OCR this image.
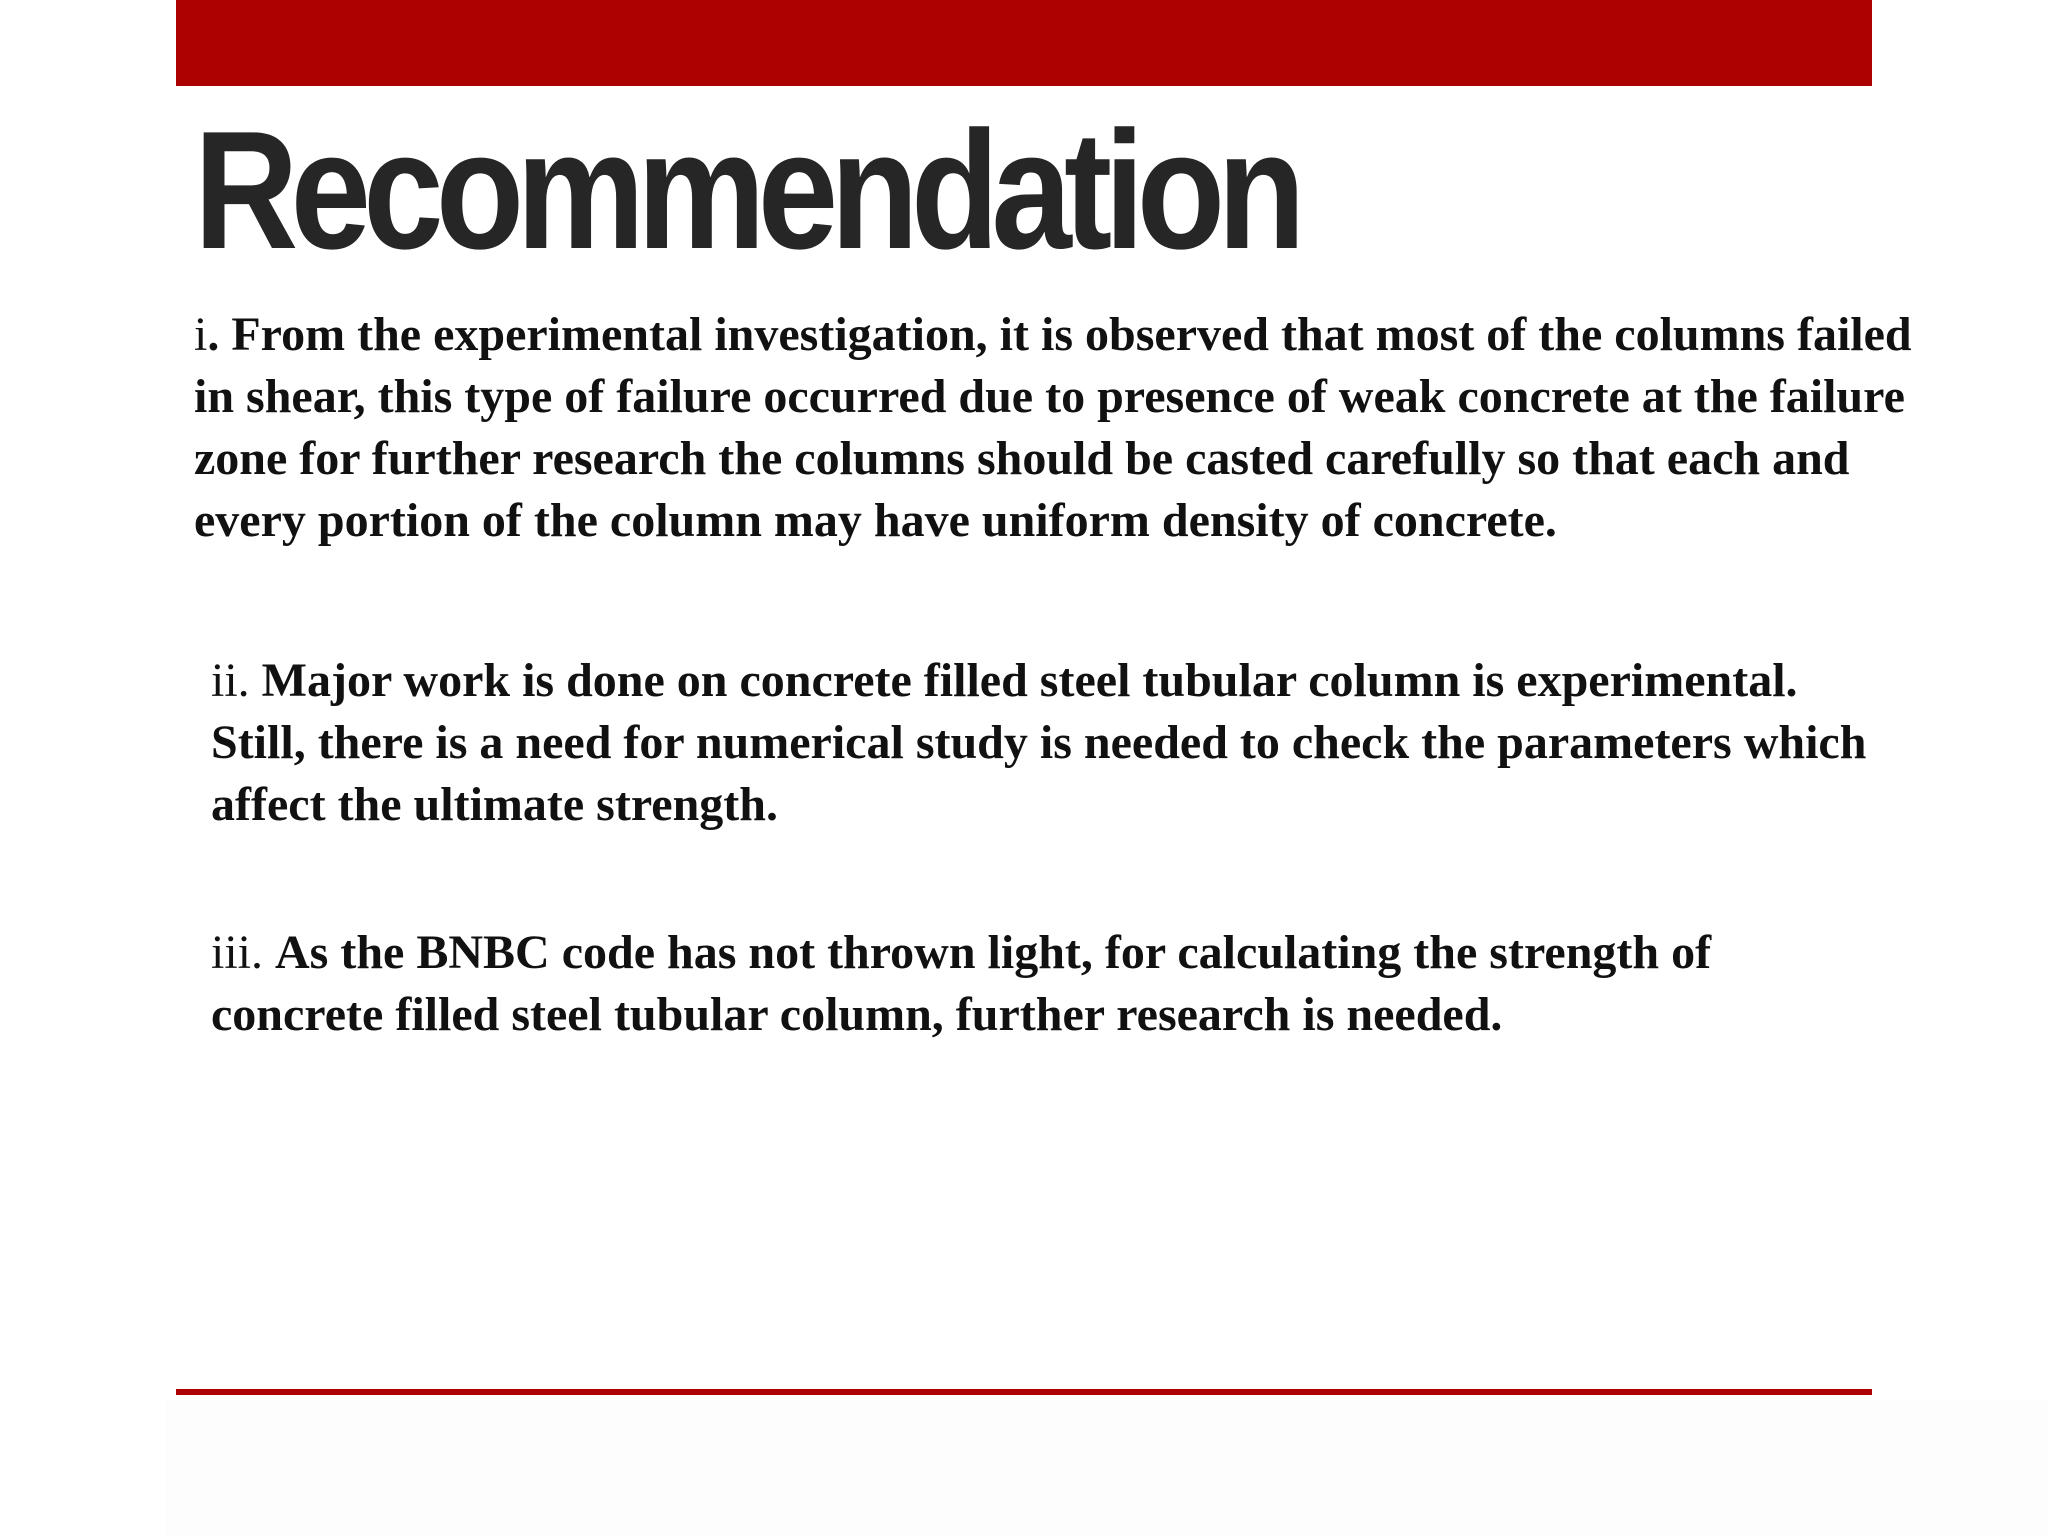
Recommendation

i. From the experimental investigation, it is observed that most of the columns failed in shear, this type of failure occurred due to presence of weak concrete at the failure zone for further research the columns should be casted carefully so that each and every portion of the column may have uniform density of concrete.

ii. Major work is done on concrete filled steel tubular column is experimental. Still, there is a need for numerical study is needed to check the parameters which affect the ultimate strength.

iii. As the BNBC code has not thrown light, for calculating the strength of concrete filled steel tubular column, further research is needed.
